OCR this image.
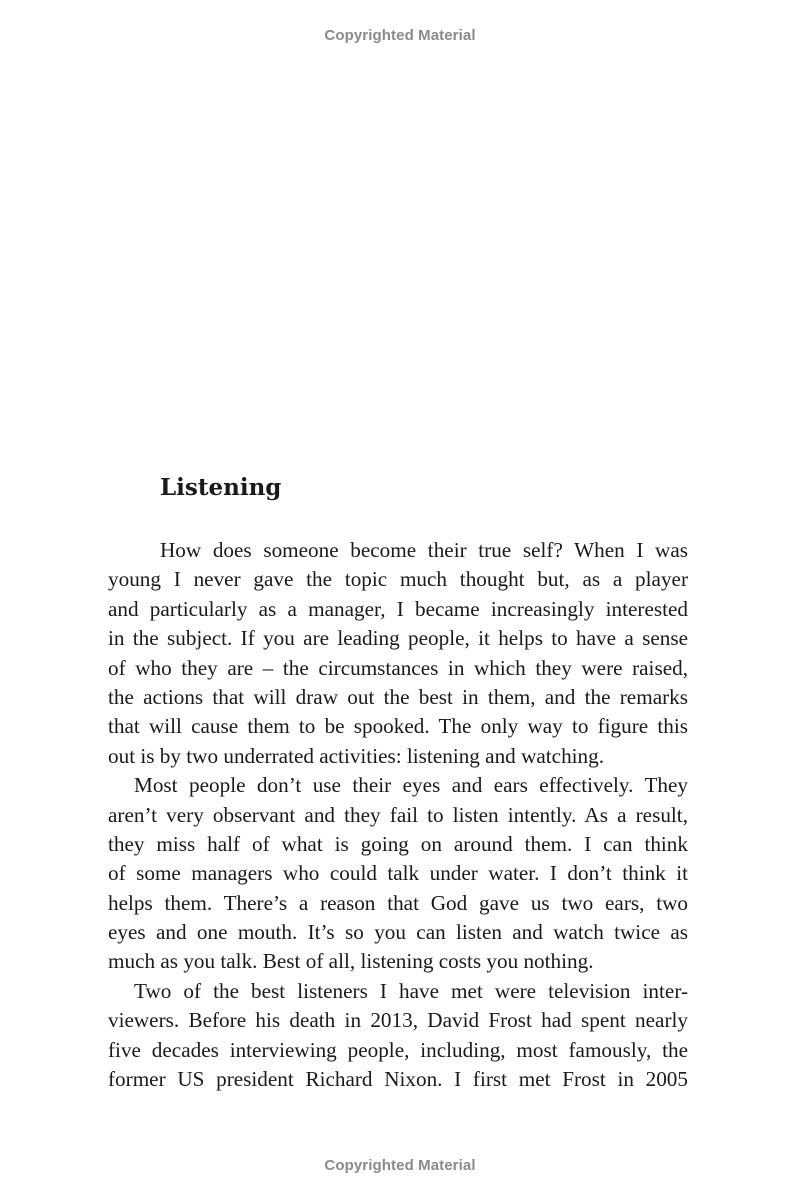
Copyrighted Material
Listening
How does someone become their true self? When I was
young I never gave the topic much thought but, as a player
and particularly as a manager, I became increasingly interested
in the subject. If you are leading people, it helps to have a sense
of who they are – the circumstances in which they were raised,
the actions that will draw out the best in them, and the remarks
that will cause them to be spooked. The only way to figure this
out is by two underrated activities: listening and watching.
Most people don’t use their eyes and ears effectively. They
aren’t very observant and they fail to listen intently. As a result,
they miss half of what is going on around them. I can think
of some managers who could talk under water. I don’t think it
helps them. There’s a reason that God gave us two ears, two
eyes and one mouth. It’s so you can listen and watch twice as
much as you talk. Best of all, listening costs you nothing.
Two of the best listeners I have met were television inter-
viewers. Before his death in 2013, David Frost had spent nearly
five decades interviewing people, including, most famously, the
former US president Richard Nixon. I first met Frost in 2005
Copyrighted Material
